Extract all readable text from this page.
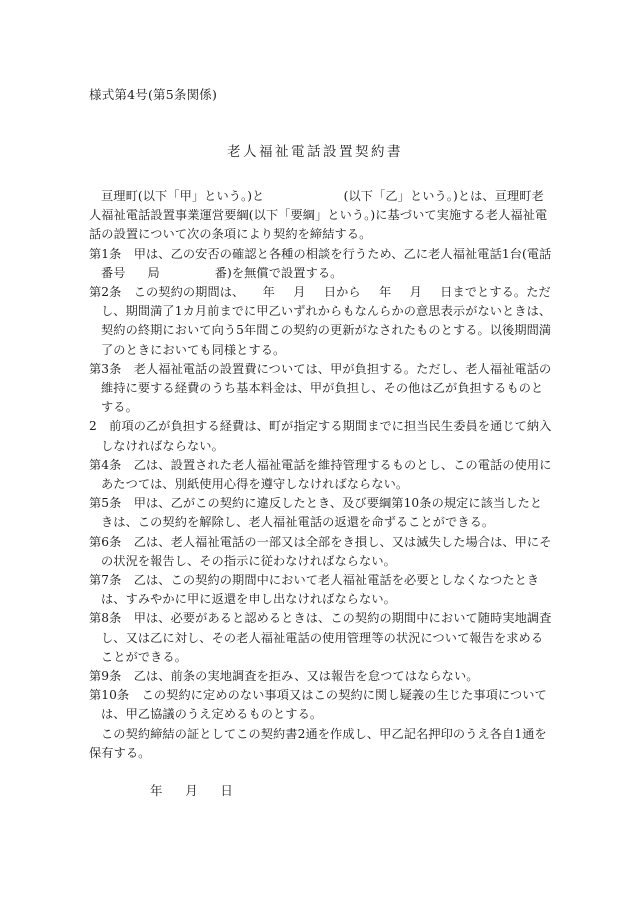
様式第4号(第5条関係)
老人福祉電話設置契約書

亘理町(以下「甲」という。)と	(以下「乙」という。)とは、亘理町老人福祉電話設置事業運営要綱(以下「要綱」という。)に基づいて実施する老人福祉電話の設置について次の条項により契約を締結する。

第1条　 甲は、乙の安否の確認と各種の相談を行うため、乙に老人福祉電話1台(電話番号 局	番)を無償で設置する。

第2条　 この契約の期間は、 年 月 日から 年 月 日までとする。ただし、期間満了1カ月前までに甲乙いずれからもなんらかの意思表示がないときは、契約の終期において向う5年間この契約の更新がなされたものとする。以後期間満了のときにおいても同様とする。

第3条　 老人福祉電話の設置費については、甲が負担する。ただし、老人福祉電話の維持に要する経費のうち基本料金は、甲が負担し、その他は乙が負担するものとする。

2　 前項の乙が負担する経費は、町が指定する期間までに担当民生委員を通じて納入しなければならない。

第4条　 乙は、設置された老人福祉電話を維持管理するものとし、この電話の使用にあたつては、別紙使用心得を遵守しなければならない。

第5条　 甲は、乙がこの契約に違反したとき、及び要綱第10条の規定に該当したときは、この契約を解除し、老人福祉電話の返還を命ずることができる。

第6条　 乙は、老人福祉電話の一部又は全部をき損し、又は滅失した場合は、甲にその状況を報告し、その指示に従わなければならない。

第7条　 乙は、この契約の期間中において老人福祉電話を必要としなくなつたときは、すみやかに甲に返還を申し出なければならない。

第8条　 甲は、必要があると認めるときは、この契約の期間中において随時実地調査し、又は乙に対し、その老人福祉電話の使用管理等の状況について報告を求めることができる。

第9条　 乙は、前条の実地調査を拒み、又は報告を怠つてはならない。

第10条　 この契約に定めのない事項又はこの契約に関し疑義の生じた事項については、甲乙協議のうえ定めるものとする。

この契約締結の証としてこの契約書2通を作成し、甲乙記名押印のうえ各自1通を保有する。

年 月 日
